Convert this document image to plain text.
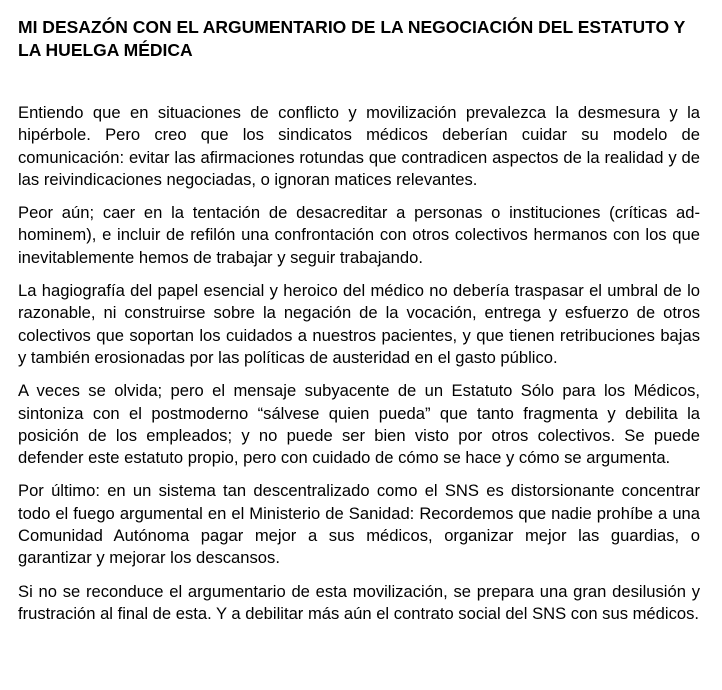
MI DESAZÓN CON EL ARGUMENTARIO DE LA NEGOCIACIÓN DEL ESTATUTO Y LA HUELGA MÉDICA

Entiendo que en situaciones de conflicto y movilización prevalezca la desmesura y la hipérbole. Pero creo que los sindicatos médicos deberían cuidar su modelo de comunicación: evitar las afirmaciones rotundas que contradicen aspectos de la realidad y de las reivindicaciones negociadas, o ignoran matices relevantes.

Peor aún; caer en la tentación de desacreditar a personas o instituciones (críticas ad-hominem), e incluir de refilón una confrontación con otros colectivos hermanos con los que inevitablemente hemos de trabajar y seguir trabajando.

La hagiografía del papel esencial y heroico del médico no debería traspasar el umbral de lo razonable, ni construirse sobre la negación de la vocación, entrega y esfuerzo de otros colectivos que soportan los cuidados a nuestros pacientes, y que tienen retribuciones bajas y también erosionadas por las políticas de austeridad en el gasto público.

A veces se olvida; pero el mensaje subyacente de un Estatuto Sólo para los Médicos, sintoniza con el postmoderno “sálvese quien pueda” que tanto fragmenta y debilita la posición de los empleados; y no puede ser bien visto por otros colectivos. Se puede defender este estatuto propio, pero con cuidado de cómo se hace y cómo se argumenta.

Por último: en un sistema tan descentralizado como el SNS es distorsionante concentrar todo el fuego argumental en el Ministerio de Sanidad: Recordemos que nadie prohíbe a una Comunidad Autónoma pagar mejor a sus médicos, organizar mejor las guardias, o garantizar y mejorar los descansos.

Si no se reconduce el argumentario de esta movilización, se prepara una gran desilusión y frustración al final de esta. Y a debilitar más aún el contrato social del SNS con sus médicos.
